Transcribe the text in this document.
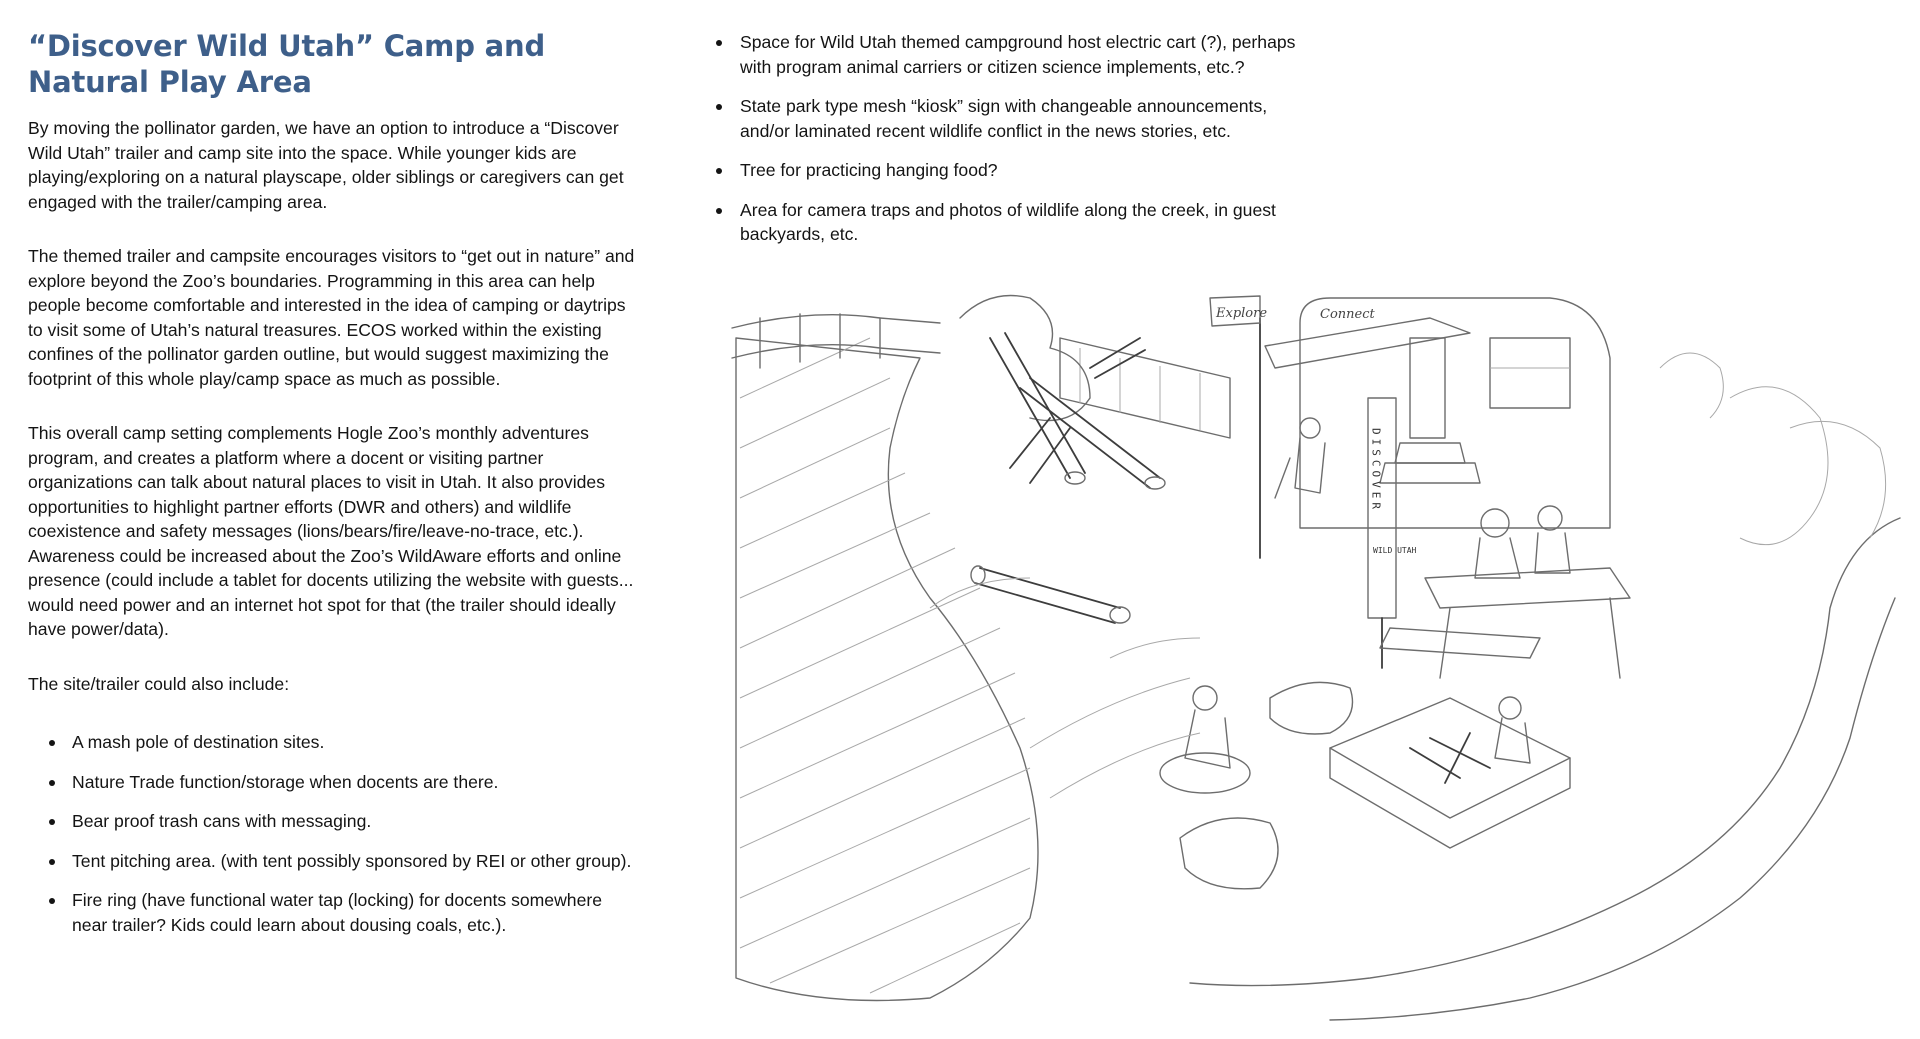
“Discover Wild Utah” Camp and
Natural Play Area

By moving the pollinator garden, we have an option to introduce a “Discover Wild Utah” trailer and camp site into the space. While younger kids are playing/exploring on a natural playscape, older siblings or caregivers can get engaged with the trailer/camping area.

The themed trailer and campsite encourages visitors to “get out in nature” and explore beyond the Zoo’s boundaries. Programming in this area can help people become comfortable and interested in the idea of camping or daytrips to visit some of Utah’s natural treasures. ECOS worked within the existing confines of the pollinator garden outline, but would suggest maximizing the footprint of this whole play/camp space as much as possible.

This overall camp setting complements Hogle Zoo’s monthly adventures program, and creates a platform where a docent or visiting partner organizations can talk about natural places to visit in Utah. It also provides opportunities to highlight partner efforts (DWR and others) and wildlife coexistence and safety messages (lions/bears/fire/leave-no-trace, etc.). Awareness could be increased about the Zoo’s WildAware efforts and online presence (could include a tablet for docents utilizing the website with guests... would need power and an internet hot spot for that (the trailer should ideally have power/data).

The site/trailer could also include:

A mash pole of destination sites.
Nature Trade function/storage when docents are there.
Bear proof trash cans with messaging.
Tent pitching area. (with tent possibly sponsored by REI or other group).
Fire ring (have functional water tap (locking) for docents somewhere near trailer? Kids could learn about dousing coals, etc.).
Space for Wild Utah themed campground host electric cart (?), perhaps with program animal carriers or citizen science implements, etc.?
State park type mesh “kiosk” sign with changeable announcements, and/or laminated recent wildlife conflict in the news stories, etc.
Tree for practicing hanging food?
Area for camera traps and photos of wildlife along the creek, in guest backyards, etc.
Explore	Connect
DISCOVER
WILD UTAH
